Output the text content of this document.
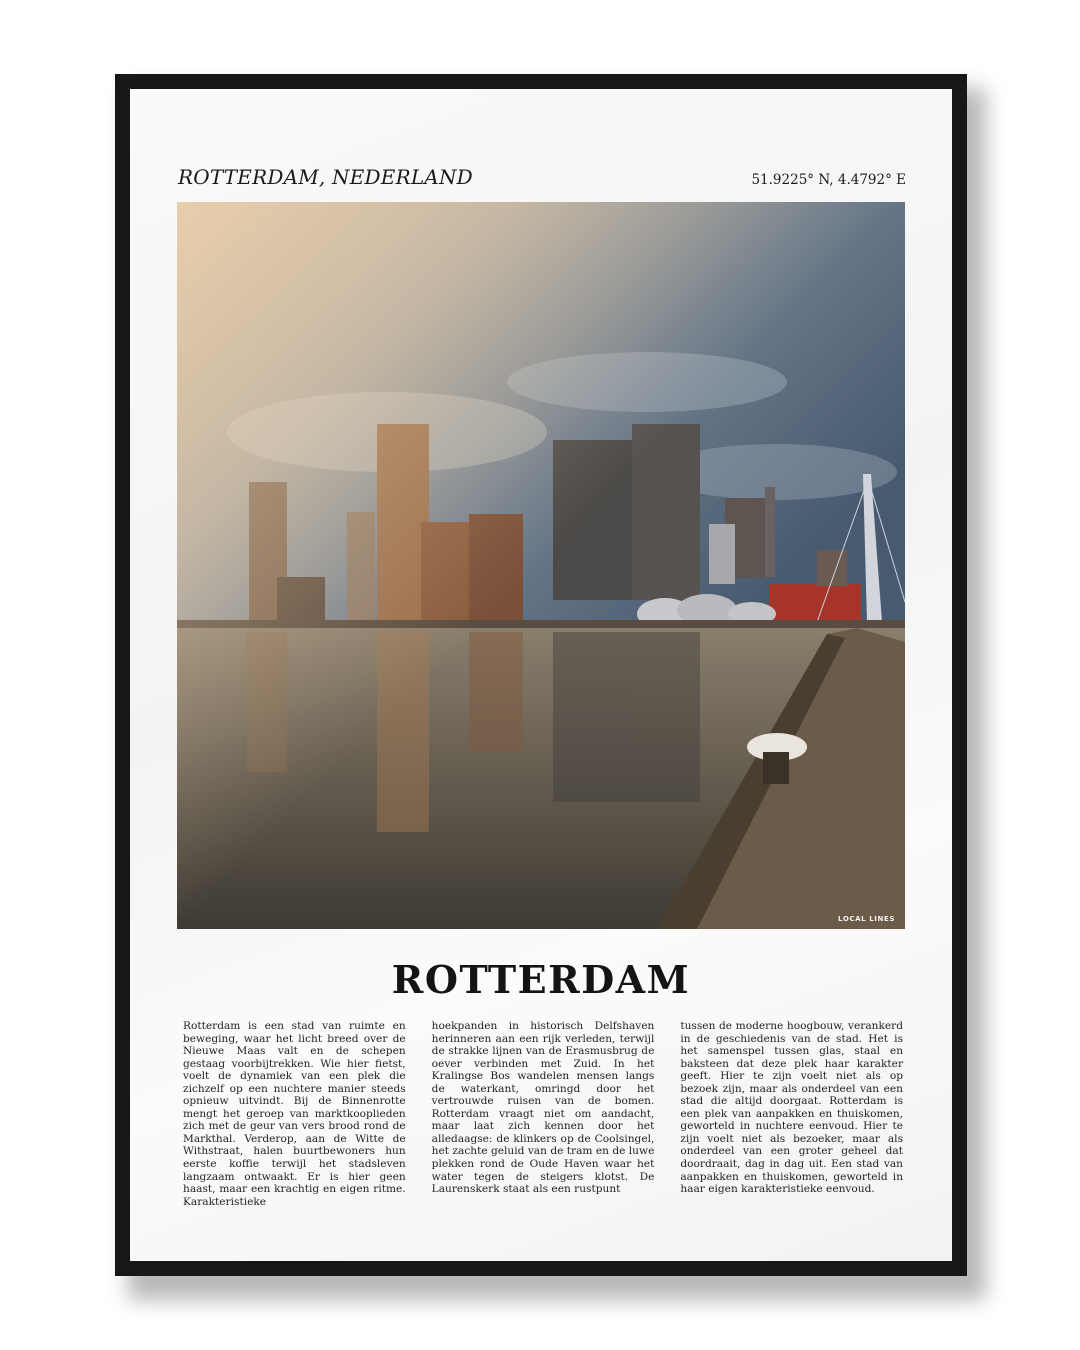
ROTTERDAM, NEDERLAND	51.9225° N, 4.4792° E
LOCAL LINES
ROTTERDAM
Rotterdam is een stad van ruimte en beweging, waar het licht breed over de Nieuwe Maas valt en de schepen gestaag voorbijtrekken. Wie hier fietst, voelt de dynamiek van een plek die zichzelf op een nuchtere manier steeds opnieuw uitvindt. Bij de Binnenrotte mengt het geroep van marktkooplieden zich met de geur van vers brood rond de Markthal. Verderop, aan de Witte de Withstraat, halen buurtbewoners hun eerste koffie terwijl het stadsleven langzaam ontwaakt. Er is hier geen haast, maar een krachtig en eigen ritme. Karakteristieke
hoekpanden in historisch Delfshaven herinneren aan een rijk verleden, terwijl de strakke lijnen van de Erasmusbrug de oever verbinden met Zuid. In het Kralingse Bos wandelen mensen langs de waterkant, omringd door het vertrouwde ruisen van de bomen. Rotterdam vraagt niet om aandacht, maar laat zich kennen door het alledaagse: de klinkers op de Coolsingel, het zachte geluid van de tram en de luwe plekken rond de Oude Haven waar het water tegen de steigers klotst. De Laurenskerk staat als een rustpunt
tussen de moderne hoogbouw, verankerd in de geschiedenis van de stad. Het is het samenspel tussen glas, staal en baksteen dat deze plek haar karakter geeft. Hier te zijn voelt niet als op bezoek zijn, maar als onderdeel van een stad die altijd doorgaat. Rotterdam is een plek van aanpakken en thuiskomen, geworteld in nuchtere eenvoud. Hier te zijn voelt niet als bezoeker, maar als onderdeel van een groter geheel dat doordraait, dag in dag uit. Een stad van aanpakken en thuiskomen, geworteld in haar eigen karakteristieke eenvoud.
